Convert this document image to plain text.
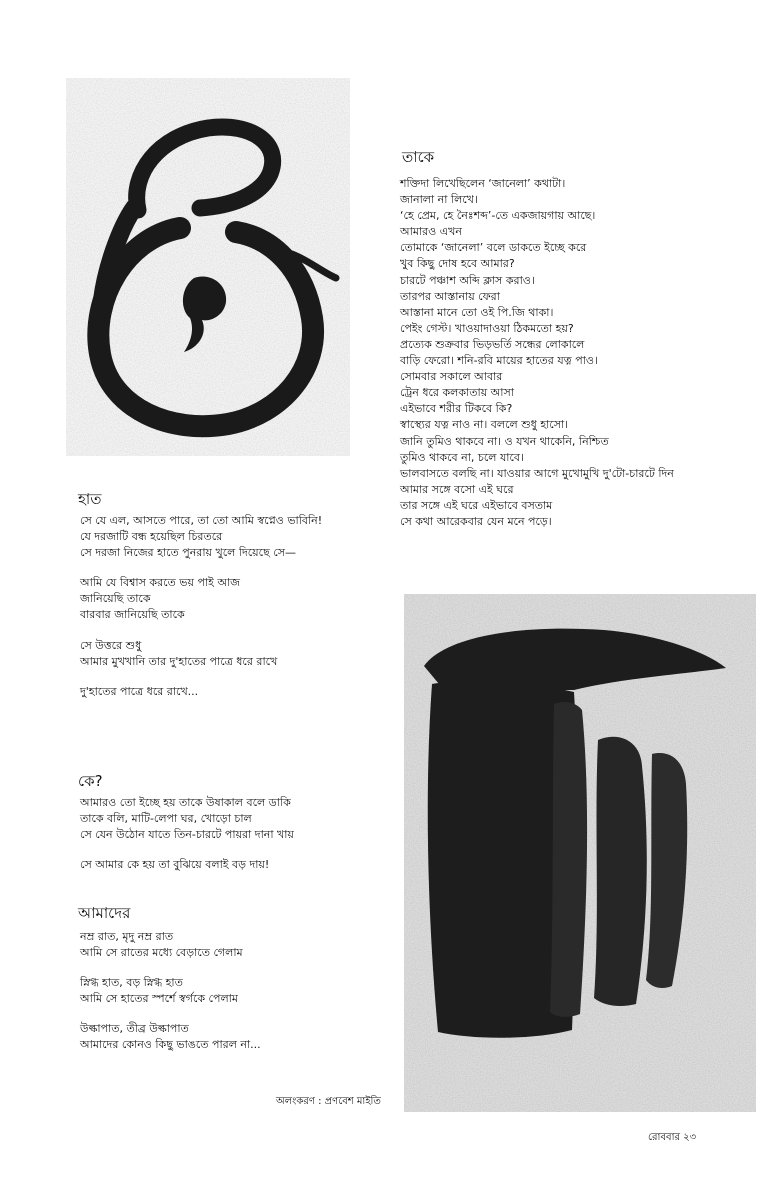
তাকে
শক্তিদা লিখেছিলেন ‘জানেলা’ কথাটা।
জানালা না লিখে।
‘হে প্রেম, হে নৈঃশব্দ’-তে একজায়গায় আছে।
আমারও এখন
তোমাকে ‘জানেলা’ বলে ডাকতে ইচ্ছে করে
খুব কিছু দোষ হবে আমার?
চারটে পঞ্চাশ অব্দি ক্লাস করাও।
তারপর আস্তানায় ফেরা
আস্তানা মানে তো ওই পি.জি থাকা।
পেইং গেস্ট। খাওয়াদাওয়া ঠিকমতো হয়?
প্রত্যেক শুক্রবার ভিড়ভর্তি সন্ধের লোকালে
বাড়ি ফেরো। শনি-রবি মায়ের হাতের যত্ন পাও।
সোমবার সকালে আবার
ট্রেন ধরে কলকাতায় আসা
এইভাবে শরীর টিকবে কি?
স্বাস্থ্যের যত্ন নাও না। বললে শুধু হাসো।
জানি তুমিও থাকবে না। ও যখন থাকেনি, নিশ্চিত
তুমিও থাকবে না, চলে যাবে।
ভালবাসতে বলছি না। যাওয়ার আগে মুখোমুখি দু'টো-চারটে দিন
আমার সঙ্গে বসো এই ঘরে
তার সঙ্গে এই ঘরে এইভাবে বসতাম
সে কথা আরেকবার যেন মনে পড়ে।
হাত
সে যে এল, আসতে পারে, তা তো আমি স্বপ্নেও ভাবিনি!
যে দরজাটি বন্ধ হয়েছিল চিরতরে
সে দরজা নিজের হাতে পুনরায় খুলে দিয়েছে সে—
আমি যে বিশ্বাস করতে ভয় পাই আজ
জানিয়েছি তাকে
বারবার জানিয়েছি তাকে
সে উত্তরে শুধু
আমার মুখখানি তার দু'হাতের পাত্রে ধরে রাখে
দু'হাতের পাত্রে ধরে রাখে...
কে?
আমারও তো ইচ্ছে হয় তাকে উষাকাল বলে ডাকি
তাকে বলি, মাটি-লেপা ঘর, খোড়ো চাল
সে যেন উঠোন যাতে তিন-চারটে পায়রা দানা খায়
সে আমার কে হয় তা বুঝিয়ে বলাই বড় দায়!
আমাদের
নম্র রাত, মৃদু নম্র রাত
আমি সে রাতের মধ্যে বেড়াতে গেলাম
স্নিগ্ধ হাত, বড় স্নিগ্ধ হাত
আমি সে হাতের স্পর্শে স্বর্গকে পেলাম
উল্কাপাত, তীব্র উল্কাপাত
আমাদের কোনও কিছু ভাঙতে পারল না...
অলংকরণ : প্রণবেশ মাইতি
রোববার ২৩
